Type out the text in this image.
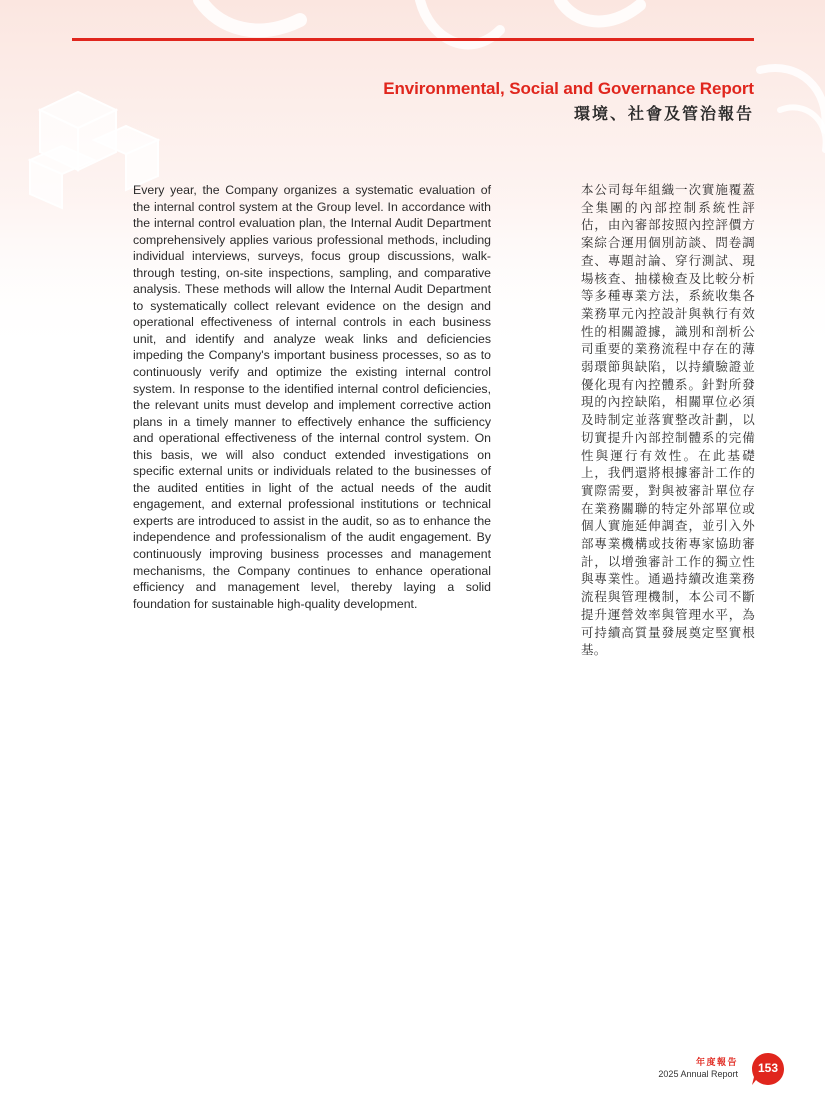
Environmental, Social and Governance Report
環境、社會及管治報告
Every year, the Company organizes a systematic evaluation of the internal control system at the Group level. In accordance with the internal control evaluation plan, the Internal Audit Department comprehensively applies various professional methods, including individual interviews, surveys, focus group discussions, walk-through testing, on-site inspections, sampling, and comparative analysis. These methods will allow the Internal Audit Department to systematically collect relevant evidence on the design and operational effectiveness of internal controls in each business unit, and identify and analyze weak links and deficiencies impeding the Company's important business processes, so as to continuously verify and optimize the existing internal control system. In response to the identified internal control deficiencies, the relevant units must develop and implement corrective action plans in a timely manner to effectively enhance the sufficiency and operational effectiveness of the internal control system. On this basis, we will also conduct extended investigations on specific external units or individuals related to the businesses of the audited entities in light of the actual needs of the audit engagement, and external professional institutions or technical experts are introduced to assist in the audit, so as to enhance the independence and professionalism of the audit engagement. By continuously improving business processes and management mechanisms, the Company continues to enhance operational efficiency and management level, thereby laying a solid foundation for sustainable high-quality development.
本公司每年組織一次實施覆蓋全集團的內部控制系統性評估，由內審部按照內控評價方案綜合運用個別訪談、問卷調查、專題討論、穿行測試、現場核查、抽樣檢查及比較分析等多種專業方法，系統收集各業務單元內控設計與執行有效性的相關證據，識別和剖析公司重要的業務流程中存在的薄弱環節與缺陷，以持續驗證並優化現有內控體系。針對所發現的內控缺陷，相關單位必須及時制定並落實整改計劃，以切實提升內部控制體系的完備性與運行有效性。在此基礎上，我們還將根據審計工作的實際需要，對與被審計單位存在業務關聯的特定外部單位或個人實施延伸調查，並引入外部專業機構或技術專家協助審計，以增強審計工作的獨立性與專業性。通過持續改進業務流程與管理機制，本公司不斷提升運營效率與管理水平，為可持續高質量發展奠定堅實根基。
年度報告
2025 Annual Report	153
